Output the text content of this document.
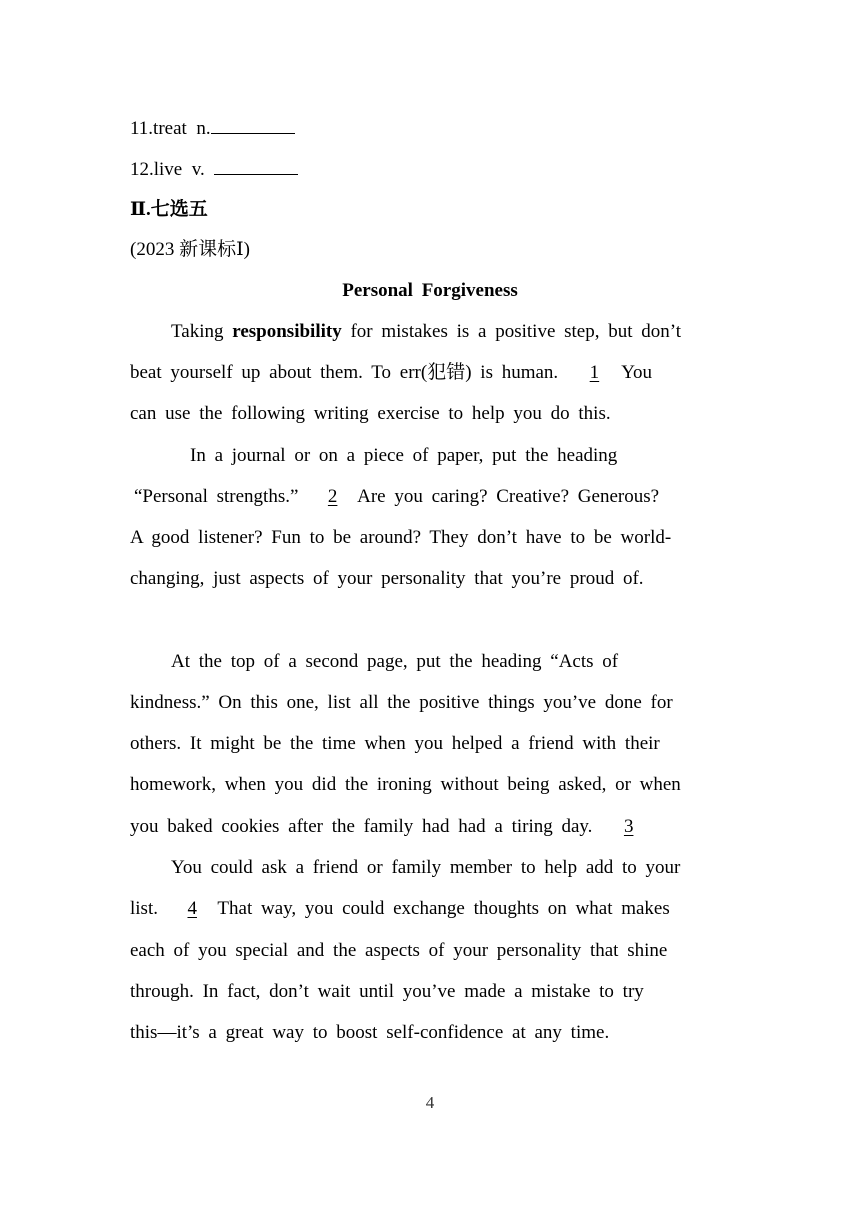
11.treat n.
12.live v.
Ⅱ.七选五
(2023 新课标Ⅰ)
Personal Forgiveness
Taking responsibility for mistakes is a positive step, but don’t
beat yourself up about them. To err(犯错) is human. 1 You
can use the following writing exercise to help you do this.
In a journal or on a piece of paper, put the heading
“Personal strengths.” 2 Are you caring? Creative? Generous?
A good listener? Fun to be around? They don’t have to be world-
changing, just aspects of your personality that you’re proud of.
At the top of a second page, put the heading “Acts of
kindness.” On this one, list all the positive things you’ve done for
others. It might be the time when you helped a friend with their
homework, when you did the ironing without being asked, or when
you baked cookies after the family had had a tiring day. 3
You could ask a friend or family member to help add to your
list. 4 That way, you could exchange thoughts on what makes
each of you special and the aspects of your personality that shine
through. In fact, don’t wait until you’ve made a mistake to try
this—it’s a great way to boost self-confidence at any time.
4
